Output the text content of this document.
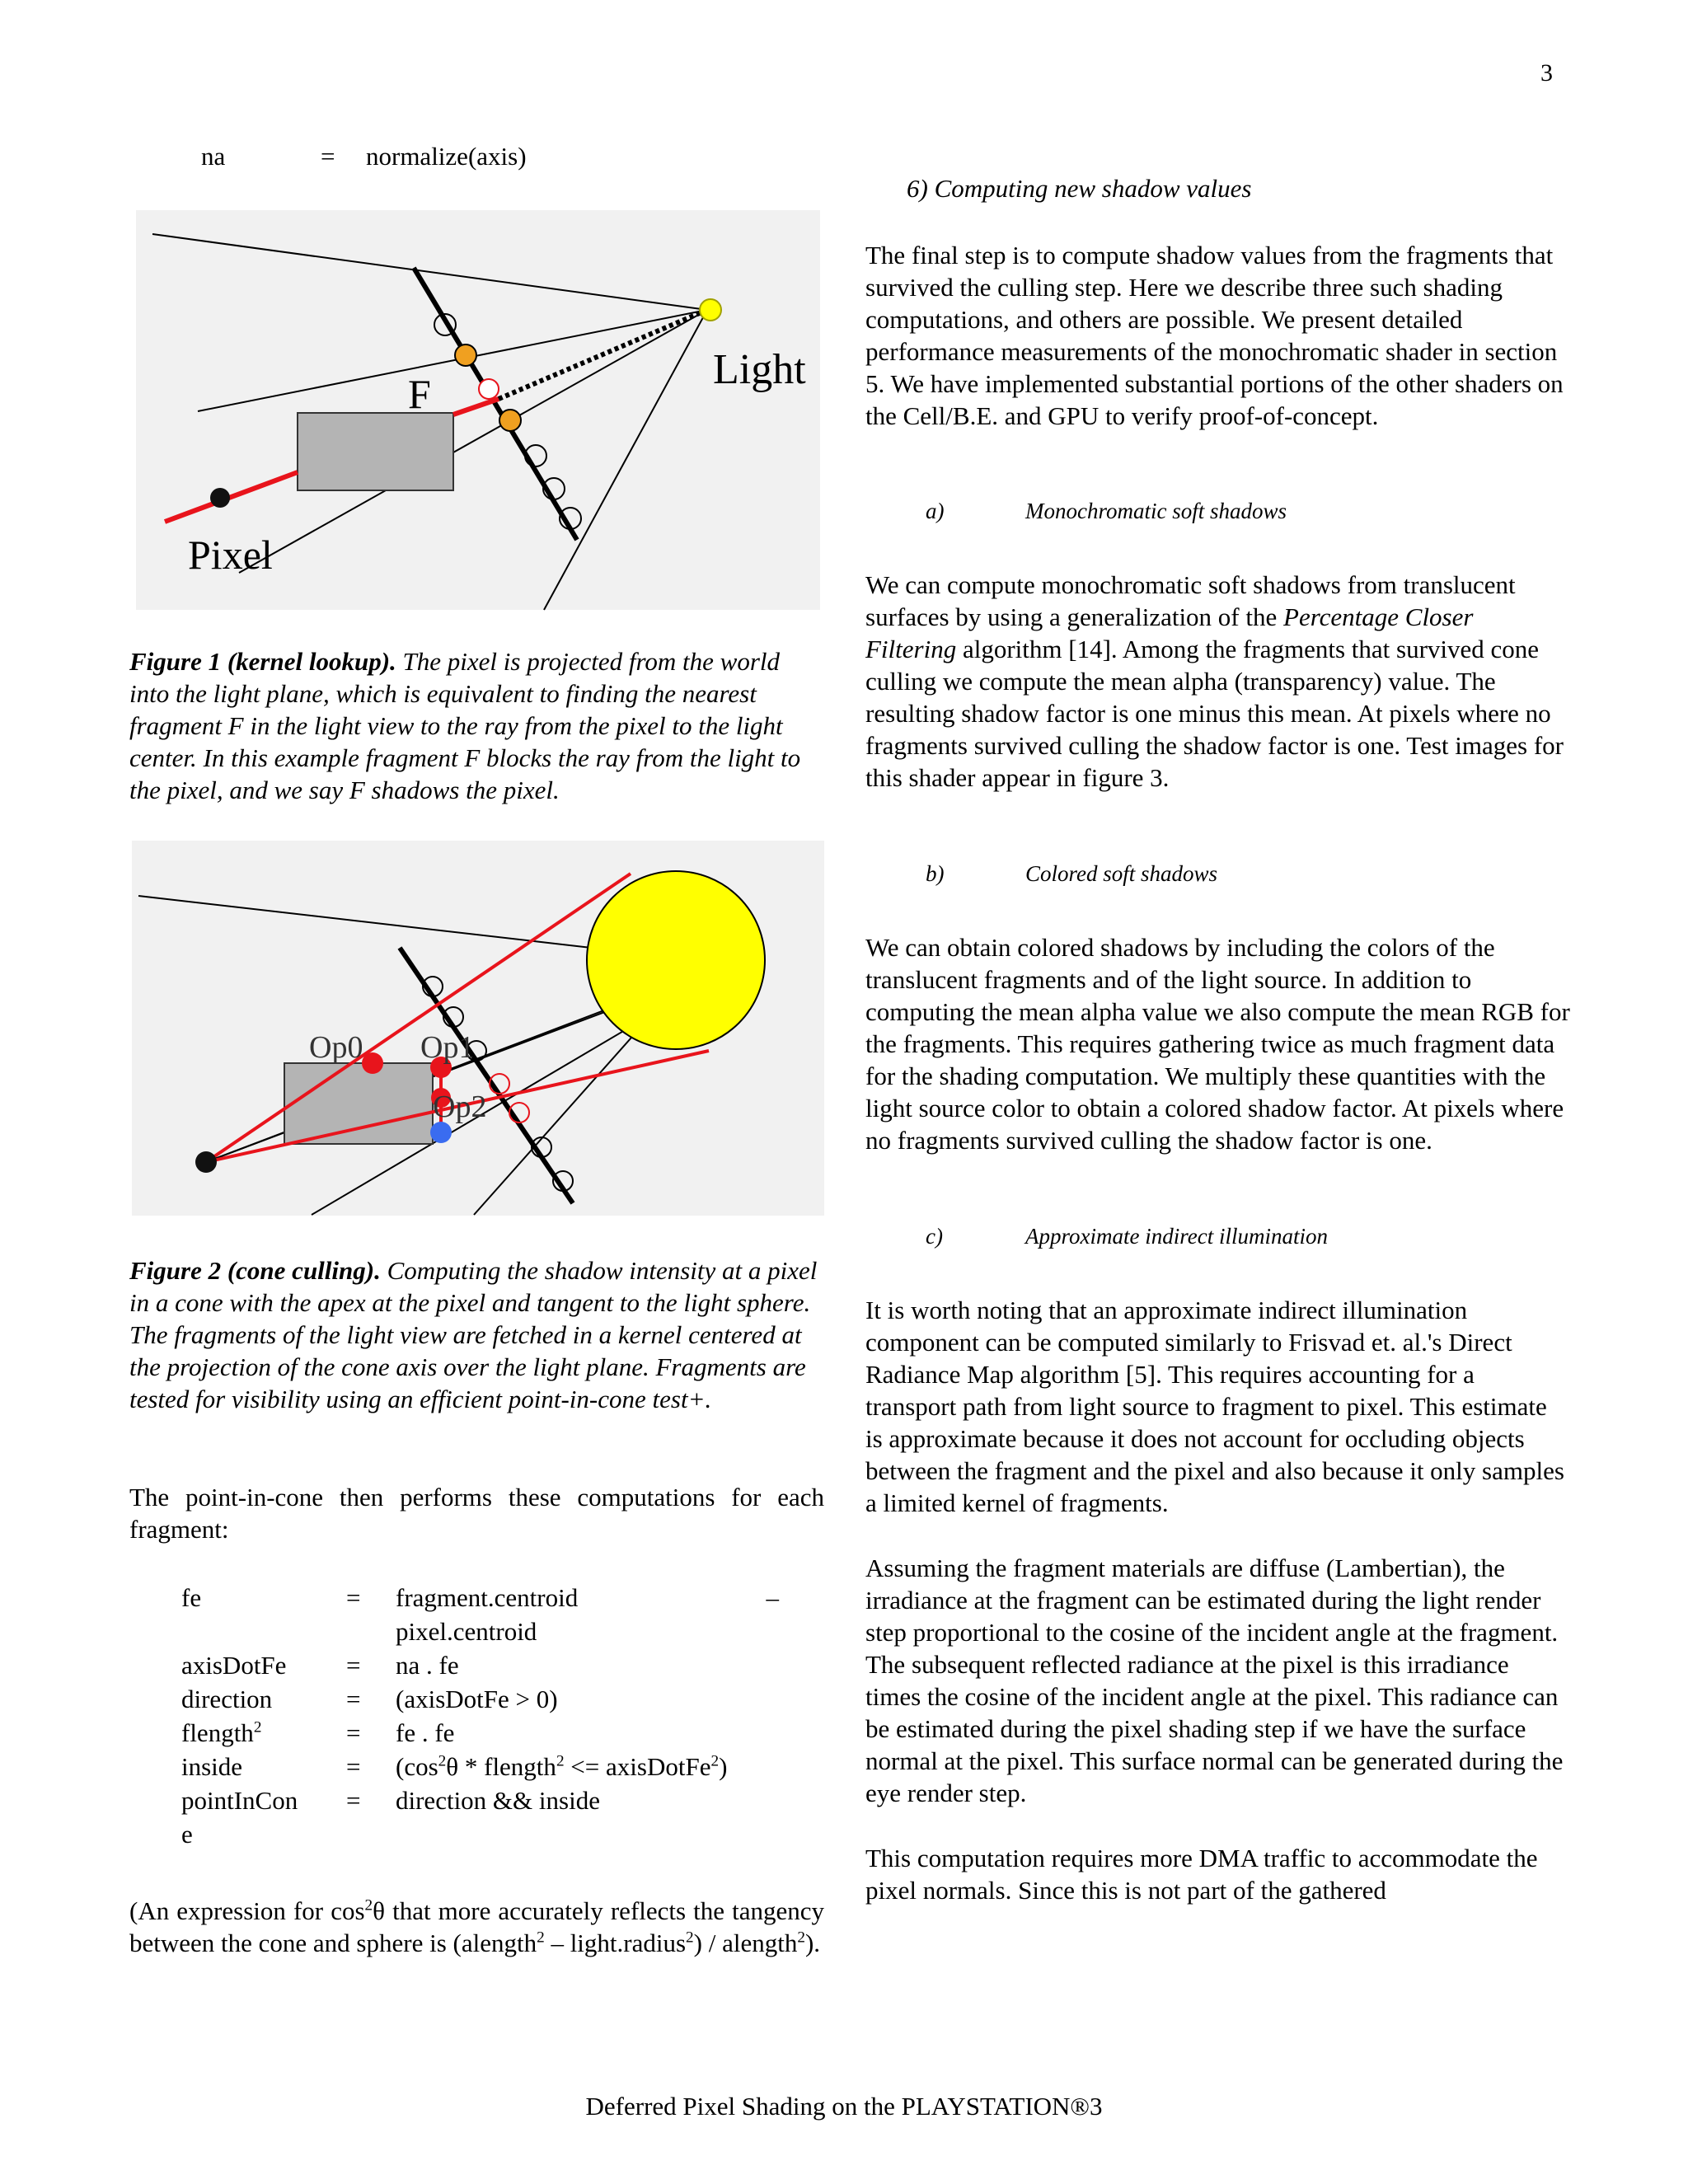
3
na	= normalize(axis)
Light
F
Pixel
Figure 1 (kernel lookup). The pixel is projected from the world into the light plane, which is equivalent to finding the nearest fragment F in the light view to the ray from the pixel to the light center. In this example fragment F blocks the ray from the light to the pixel, and we say F shadows the pixel.
Op0 Op1
Op2
Figure 2 (cone culling). Computing the shadow intensity at a pixel in a cone with the apex at the pixel and tangent to the light sphere. The fragments of the light view are fetched in a kernel centered at the projection of the cone axis over the light plane. Fragments are tested for visibility using an efficient point-in-cone test+.
The point-in-cone then performs these computations for each fragment:
fe	=	fragment.centroid	–
		pixel.centroid	
axisDotFe	=	na . fe	
direction	=	(axisDotFe > 0)	
flength$^2$	=	fe . fe	
inside	=	($\cos^2\theta$ * flength$^2$ <= axisDotFe$^2$)	
pointInCon	=	direction && inside	
e			
(An expression for $\cos^2\theta$ that more accurately reflects the tangency between the cone and sphere is (alength$^2$ – light.radius$^2$) / alength$^2$).
6) Computing new shadow values
The final step is to compute shadow values from the fragments that survived the culling step. Here we describe three such shading computations, and others are possible. We present detailed performance measurements of the monochromatic shader in section 5. We have implemented substantial portions of the other shaders on the Cell/B.E. and GPU to verify proof-of-concept.
a)	Monochromatic soft shadows
We can compute monochromatic soft shadows from translucent surfaces by using a generalization of the Percentage Closer Filtering algorithm [14]. Among the fragments that survived cone culling we compute the mean alpha (transparency) value. The resulting shadow factor is one minus this mean. At pixels where no fragments survived culling the shadow factor is one. Test images for this shader appear in figure 3.
b)	Colored soft shadows
We can obtain colored shadows by including the colors of the translucent fragments and of the light source. In addition to computing the mean alpha value we also compute the mean RGB for the fragments. This requires gathering twice as much fragment data for the shading computation. We multiply these quantities with the light source color to obtain a colored shadow factor. At pixels where no fragments survived culling the shadow factor is one.
c)	Approximate indirect illumination
It is worth noting that an approximate indirect illumination component can be computed similarly to Frisvad et. al.'s Direct Radiance Map algorithm [5]. This requires accounting for a transport path from light source to fragment to pixel. This estimate is approximate because it does not account for occluding objects between the fragment and the pixel and also because it only samples a limited kernel of fragments.
Assuming the fragment materials are diffuse (Lambertian), the irradiance at the fragment can be estimated during the light render step proportional to the cosine of the incident angle at the fragment. The subsequent reflected radiance at the pixel is this irradiance times the cosine of the incident angle at the pixel. This radiance can be estimated during the pixel shading step if we have the surface normal at the pixel. This surface normal can be generated during the eye render step.
This computation requires more DMA traffic to accommodate the pixel normals. Since this is not part of the gathered
Deferred Pixel Shading on the PLAYSTATION®3
